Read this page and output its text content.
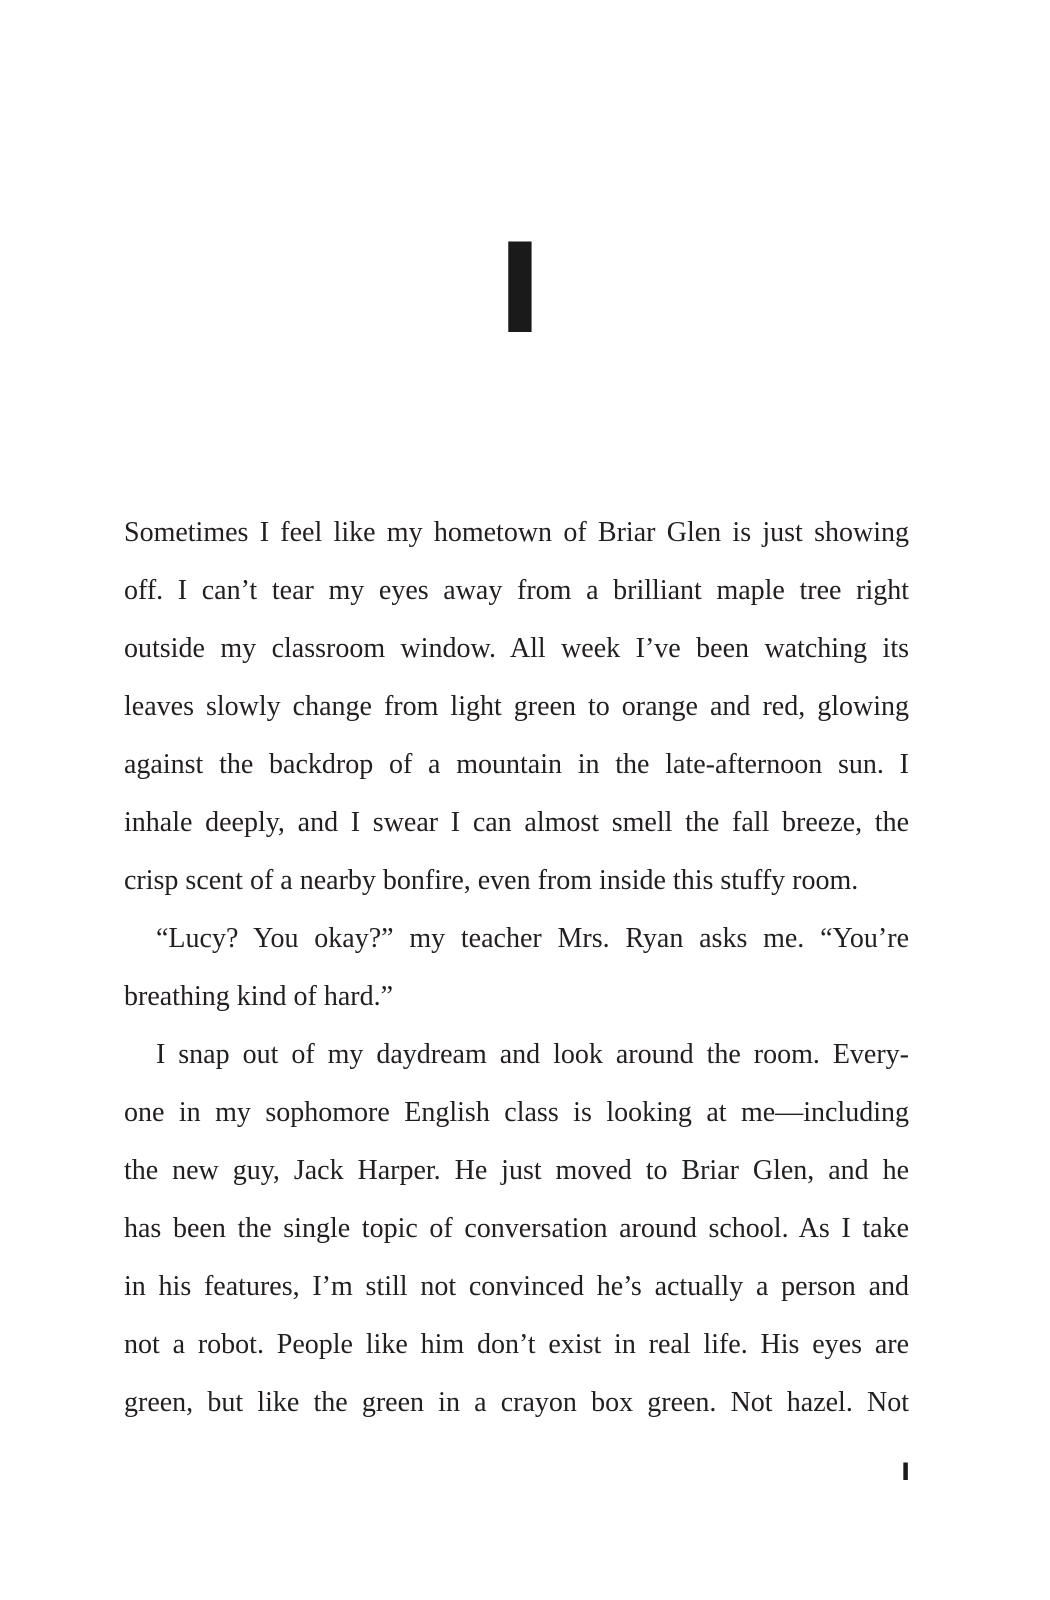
I
Sometimes I feel like my hometown of Briar Glen is just showing
off. I can’t tear my eyes away from a brilliant maple tree right
outside my classroom window. All week I’ve been watching its
leaves slowly change from light green to orange and red, glowing
against the backdrop of a mountain in the late-afternoon sun. I
inhale deeply, and I swear I can almost smell the fall breeze, the
crisp scent of a nearby bonfire, even from inside this stuffy room.
“Lucy? You okay?” my teacher Mrs. Ryan asks me. “You’re
breathing kind of hard.”
I snap out of my daydream and look around the room. Every-
one in my sophomore English class is looking at me—including
the new guy, Jack Harper. He just moved to Briar Glen, and he
has been the single topic of conversation around school. As I take
in his features, I’m still not convinced he’s actually a person and
not a robot. People like him don’t exist in real life. His eyes are
green, but like the green in a crayon box green. Not hazel. Not
I
